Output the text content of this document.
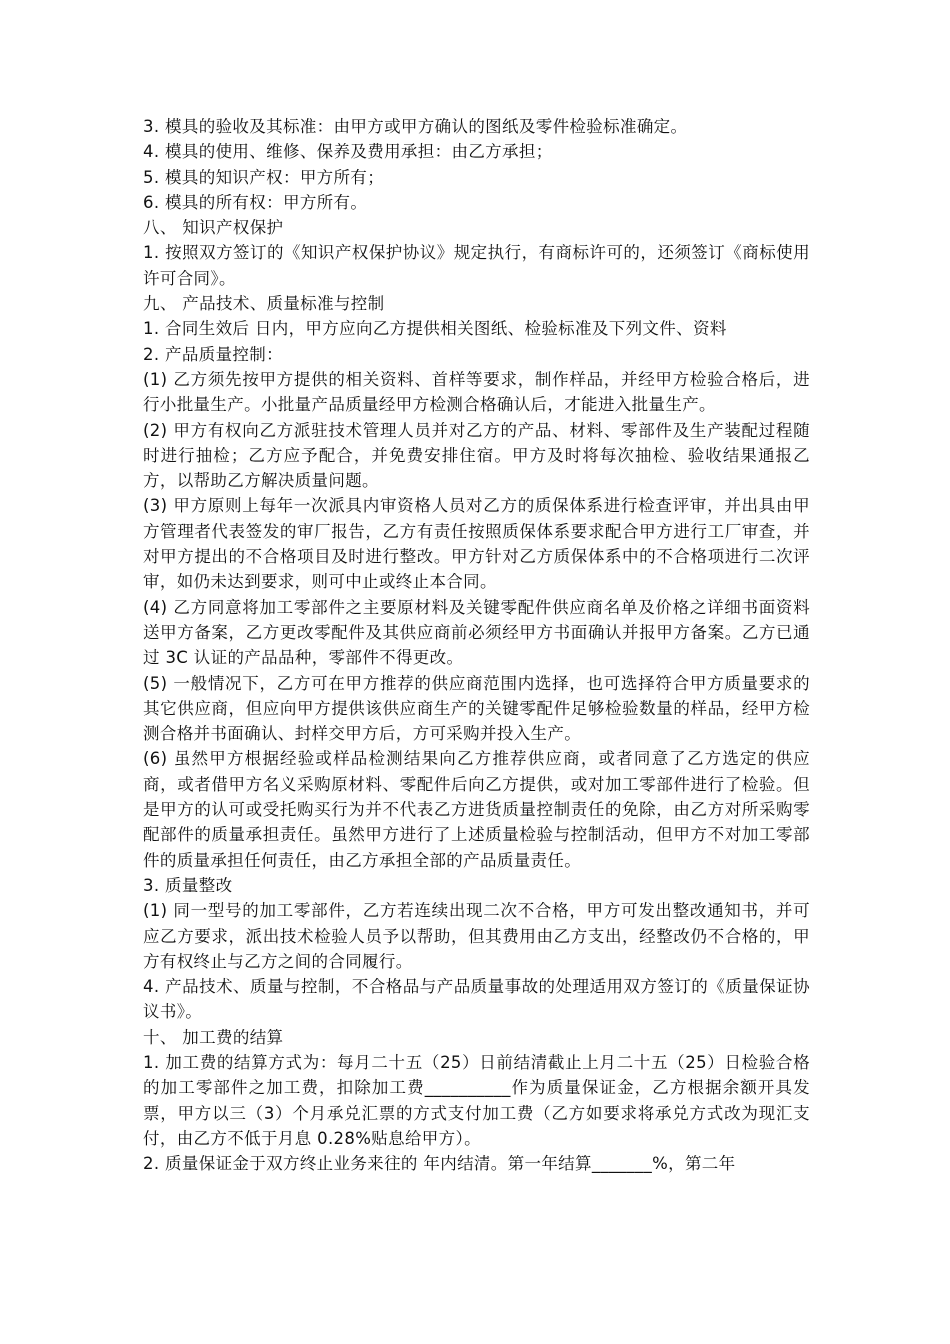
3. 模具的验收及其标准：由甲方或甲方确认的图纸及零件检验标准确定。

4. 模具的使用、维修、保养及费用承担：由乙方承担；

5. 模具的知识产权：甲方所有；

6. 模具的所有权：甲方所有。

八、 知识产权保护

1. 按照双方签订的《知识产权保护协议》规定执行，有商标许可的，还须签订《商标使用许可合同》。

九、 产品技术、质量标准与控制

1. 合同生效后 日内，甲方应向乙方提供相关图纸、检验标准及下列文件、资料

2. 产品质量控制：

(1) 乙方须先按甲方提供的相关资料、首样等要求，制作样品，并经甲方检验合格后，进行小批量生产。小批量产品质量经甲方检测合格确认后，才能进入批量生产。

(2) 甲方有权向乙方派驻技术管理人员并对乙方的产品、材料、零部件及生产装配过程随时进行抽检；乙方应予配合，并免费安排住宿。甲方及时将每次抽检、验收结果通报乙方，以帮助乙方解决质量问题。

(3) 甲方原则上每年一次派具内审资格人员对乙方的质保体系进行检查评审，并出具由甲方管理者代表签发的审厂报告，乙方有责任按照质保体系要求配合甲方进行工厂审查，并对甲方提出的不合格项目及时进行整改。甲方针对乙方质保体系中的不合格项进行二次评审，如仍未达到要求，则可中止或终止本合同。

(4) 乙方同意将加工零部件之主要原材料及关键零配件供应商名单及价格之详细书面资料送甲方备案，乙方更改零配件及其供应商前必须经甲方书面确认并报甲方备案。乙方已通过 3C 认证的产品品种，零部件不得更改。

(5) 一般情况下，乙方可在甲方推荐的供应商范围内选择，也可选择符合甲方质量要求的其它供应商，但应向甲方提供该供应商生产的关键零配件足够检验数量的样品，经甲方检测合格并书面确认、封样交甲方后，方可采购并投入生产。

(6) 虽然甲方根据经验或样品检测结果向乙方推荐供应商，或者同意了乙方选定的供应商，或者借甲方名义采购原材料、零配件后向乙方提供，或对加工零部件进行了检验。但是甲方的认可或受托购买行为并不代表乙方进货质量控制责任的免除，由乙方对所采购零配部件的质量承担责任。虽然甲方进行了上述质量检验与控制活动，但甲方不对加工零部件的质量承担任何责任，由乙方承担全部的产品质量责任。

3. 质量整改

(1) 同一型号的加工零部件，乙方若连续出现二次不合格，甲方可发出整改通知书，并可应乙方要求，派出技术检验人员予以帮助，但其费用由乙方支出，经整改仍不合格的，甲方有权终止与乙方之间的合同履行。

4. 产品技术、质量与控制，不合格品与产品质量事故的处理适用双方签订的《质量保证协议书》。

十、 加工费的结算

1. 加工费的结算方式为：每月二十五（25）日前结清截止上月二十五（25）日检验合格的加工零部件之加工费，扣除加工费__________作为质量保证金，乙方根据余额开具发票，甲方以三（3）个月承兑汇票的方式支付加工费（乙方如要求将承兑方式改为现汇支付，由乙方不低于月息 0.28%贴息给甲方）。

2. 质量保证金于双方终止业务来往的 年内结清。第一年结算_______%，第二年
